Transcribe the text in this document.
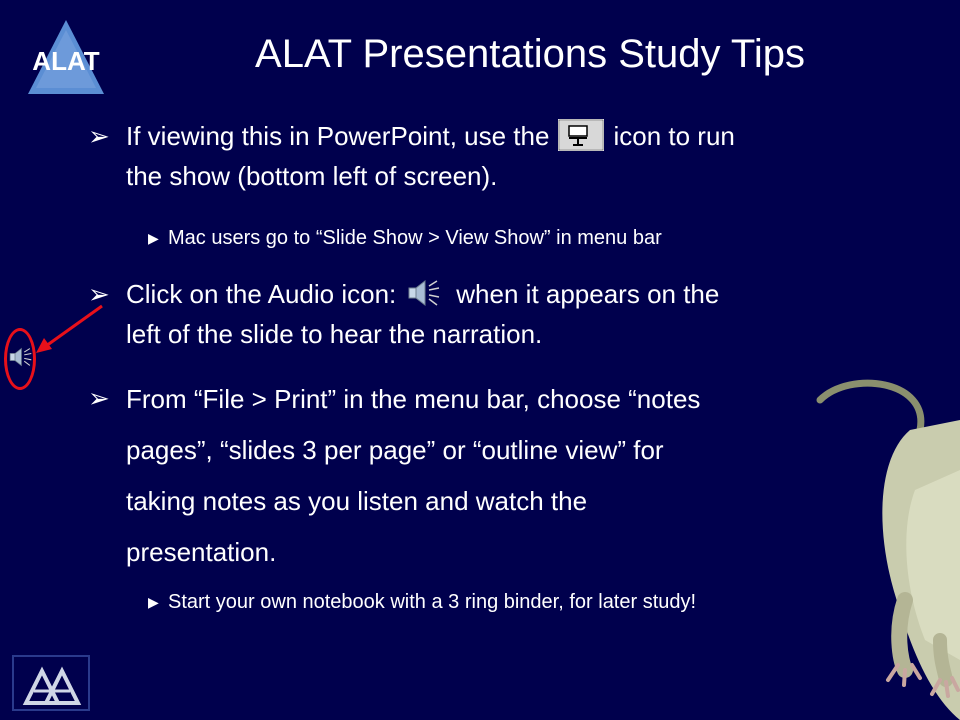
ALAT	ALAT Presentations Study Tips
➢ If viewing this in PowerPoint, use the icon to run
the show (bottom left of screen).
▶ Mac users go to “Slide Show > View Show” in menu bar
➢ Click on the Audio icon: when it appears on the
left of the slide to hear the narration.
➢ From “File > Print” in the menu bar, choose “notes
pages”, “slides 3 per page” or “outline view” for
taking notes as you listen and watch the
presentation.
▶ Start your own notebook with a 3 ring binder, for later study!
